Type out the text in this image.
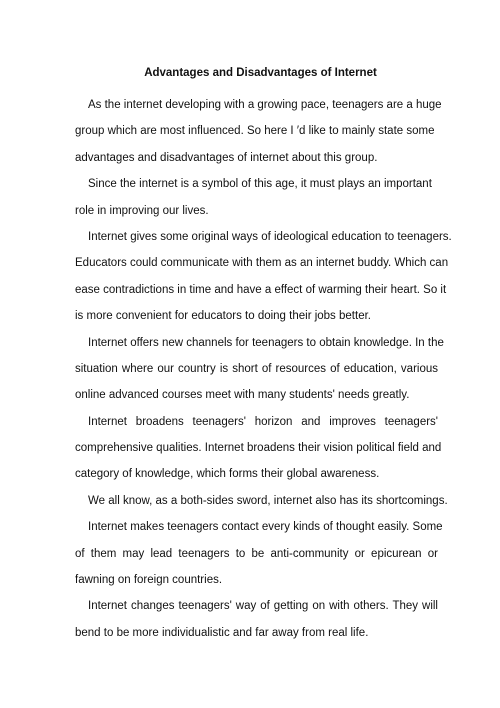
Advantages and Disadvantages of Internet
As the internet developing with a growing pace, teenagers are a huge
group which are most influenced. So here I ′d like to mainly state some
advantages and disadvantages of internet about this group.
Since the internet is a symbol of this age, it must plays an important
role in improving our lives.
Internet gives some original ways of ideological education to teenagers.
Educators could communicate with them as an internet buddy. Which can
ease contradictions in time and have a effect of warming their heart. So it
is more convenient for educators to doing their jobs better.
Internet offers new channels for teenagers to obtain knowledge. In the
situation where our country is short of resources of education, various
online advanced courses meet with many students' needs greatly.
Internet broadens teenagers' horizon and improves teenagers'
comprehensive qualities. Internet broadens their vision political field and
category of knowledge, which forms their global awareness.
We all know, as a both-sides sword, internet also has its shortcomings.
Internet makes teenagers contact every kinds of thought easily. Some
of them may lead teenagers to be anti-community or epicurean or
fawning on foreign countries.
Internet changes teenagers' way of getting on with others. They will
bend to be more individualistic and far away from real life.
